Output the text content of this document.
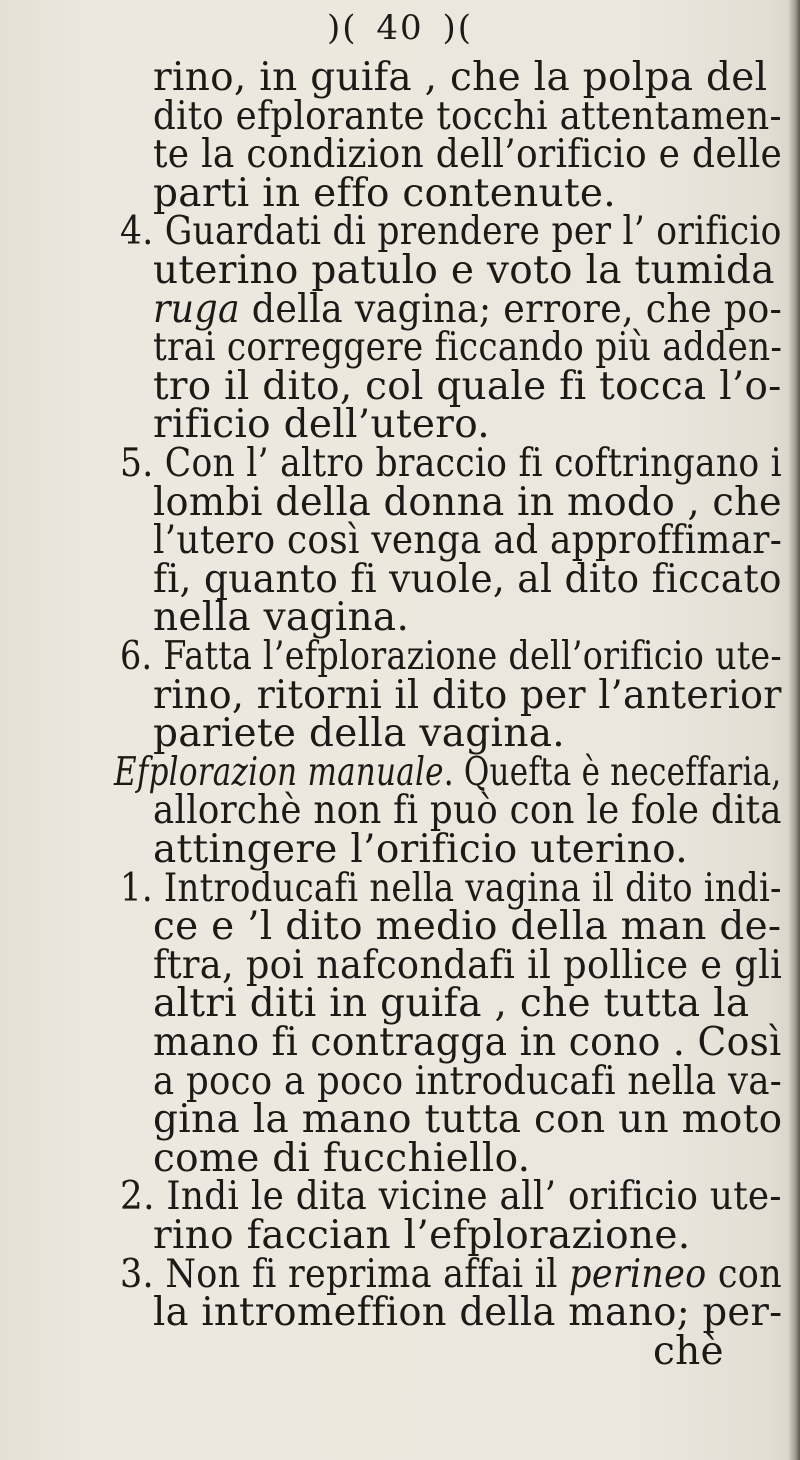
)( 40 )(
rino, in guifa , che la polpa del
dito efplorante tocchi attentamen-
te la condizion dell’orificio e delle
parti in effo contenute.
4. Guardati di prendere per l’ orificio
uterino patulo e voto la tumida
ruga della vagina; errore, che po-
trai correggere ficcando più adden-
tro il dito, col quale fi tocca l’o-
rificio dell’utero.
5. Con l’ altro braccio fi coftringano i
lombi della donna in modo , che
l’utero così venga ad approffimar-
fi, quanto fi vuole, al dito ficcato
nella vagina.
6. Fatta l’efplorazione dell’orificio ute-
rino, ritorni il dito per l’anterior
pariete della vagina.
Efplorazion manuale. Quefta è neceffaria,
allorchè non fi può con le fole dita
attingere l’orificio uterino.
1. Introducafi nella vagina il dito indi-
ce e ’l dito medio della man de-
ftra, poi nafcondafi il pollice e gli
altri diti in guifa , che tutta la
mano fi contragga in cono . Così
a poco a poco introducafi nella va-
gina la mano tutta con un moto
come di fucchiello.
2. Indi le dita vicine all’ orificio ute-
rino faccian l’efplorazione.
3. Non fi reprima affai il perineo con
la intromeffion della mano; per-
chè
